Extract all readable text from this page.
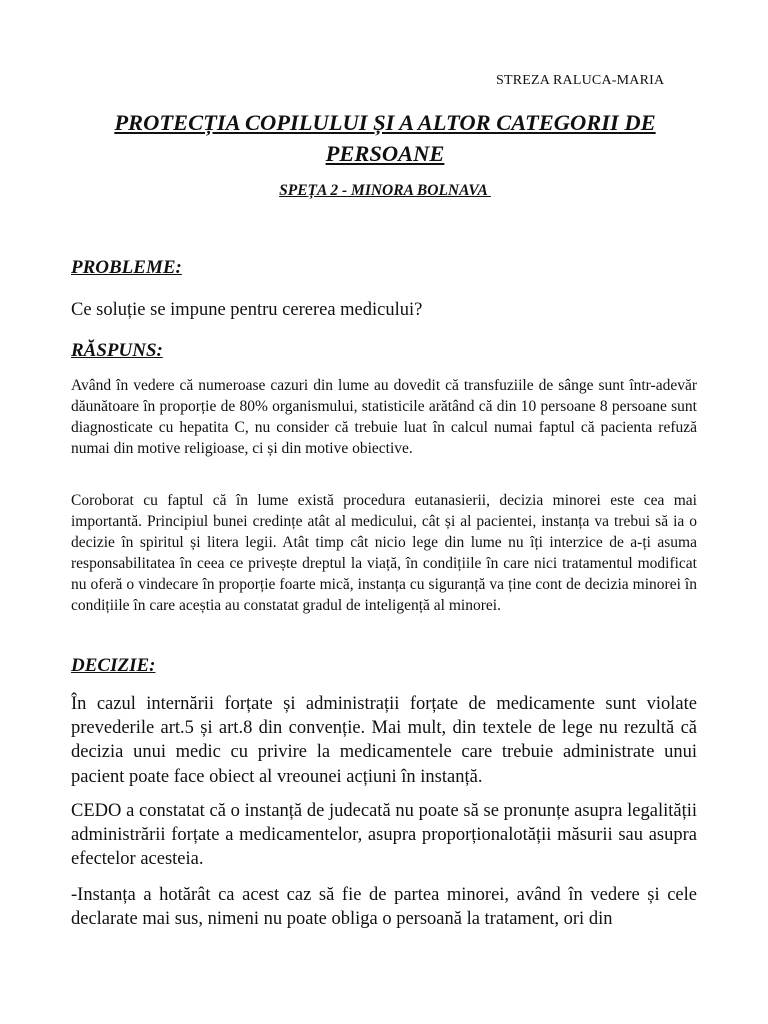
STREZA RALUCA-MARIA
PROTECȚIA COPILULUI ȘI A ALTOR CATEGORII DE PERSOANE
SPEȚA 2 - MINORA BOLNAVA
PROBLEME:

Ce soluție se impune pentru cererea medicului?

RĂSPUNS:

Având în vedere că numeroase cazuri din lume au dovedit că transfuziile de sânge sunt într-adevăr dăunătoare în proporție de 80% organismului, statisticile arătând că din 10 persoane 8 persoane sunt diagnosticate cu hepatita C, nu consider că trebuie luat în calcul numai faptul că pacienta refuză numai din motive religioase, ci și din motive obiective.

Coroborat cu faptul că în lume există procedura eutanasierii, decizia minorei este cea mai importantă. Principiul bunei credințe atât al medicului, cât și al pacientei, instanța va trebui să ia o decizie în spiritul și litera legii. Atât timp cât nicio lege din lume nu îți interzice de a-ți asuma responsabilitatea în ceea ce privește dreptul la viață, în condițiile în care nici tratamentul modificat nu oferă o vindecare în proporție foarte mică, instanța cu siguranță va ține cont de decizia minorei în condițiile în care aceștia au constatat gradul de inteligență al minorei.

DECIZIE:

În cazul internării forțate și administrații forțate de medicamente sunt violate prevederile art.5 și art.8 din convenție. Mai mult, din textele de lege nu rezultă că decizia unui medic cu privire la medicamentele care trebuie administrate unui pacient poate face obiect al vreounei acțiuni în instanță.

CEDO a constatat că o instanță de judecată nu poate să se pronunțe asupra legalității administrării forțate a medicamentelor, asupra proporționalotății măsurii sau asupra efectelor acesteia.

-Instanța a hotărât ca acest caz să fie de partea minorei, având în vedere și cele declarate mai sus, nimeni nu poate obliga o persoană la tratament, ori din
